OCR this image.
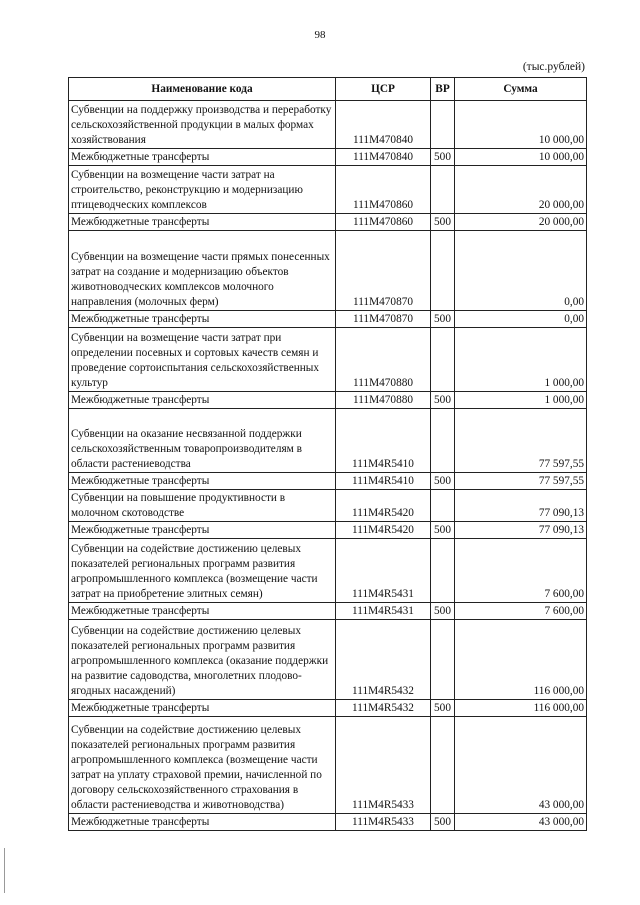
98
(тыс.рублей)
Наименование кода	ЦСР	ВР	Сумма
Субвенции на поддержку производства и переработку сельскохозяйственной продукции в малых формах хозяйствования	111М470840		10 000,00
Межбюджетные трансферты	111М470840	500	10 000,00
Субвенции на возмещение части затрат на строительство, реконструкцию и модернизацию птицеводческих комплексов	111М470860		20 000,00
Межбюджетные трансферты	111М470860	500	20 000,00
Субвенции на возмещение части прямых понесенных затрат на создание и модернизацию объектов животноводческих комплексов молочного направления (молочных ферм)	111М470870		0,00
Межбюджетные трансферты	111М470870	500	0,00
Субвенции на возмещение части затрат при определении посевных и сортовых качеств семян и проведение сортоиспытания сельскохозяйственных культур	111М470880		1 000,00
Межбюджетные трансферты	111М470880	500	1 000,00
Субвенции на оказание несвязанной поддержки сельскохозяйственным товаропроизводителям в области растениеводства	111М4R5410		77 597,55
Межбюджетные трансферты	111М4R5410	500	77 597,55
Субвенции на повышение продуктивности в молочном скотоводстве	111М4R5420		77 090,13
Межбюджетные трансферты	111М4R5420	500	77 090,13
Субвенции на содействие достижению целевых показателей региональных программ развития агропромышленного комплекса (возмещение части затрат на приобретение элитных семян)	111М4R5431		7 600,00
Межбюджетные трансферты	111М4R5431	500	7 600,00
Субвенции на содействие достижению целевых показателей региональных программ развития агропромышленного комплекса (оказание поддержки на развитие садоводства, многолетних плодово-ягодных насаждений)	111М4R5432		116 000,00
Межбюджетные трансферты	111М4R5432	500	116 000,00
Субвенции на содействие достижению целевых показателей региональных программ развития агропромышленного комплекса (возмещение части затрат на уплату страховой премии, начисленной по договору сельскохозяйственного страхования в области растениеводства и животноводства)	111М4R5433		43 000,00
Межбюджетные трансферты	111М4R5433	500	43 000,00
